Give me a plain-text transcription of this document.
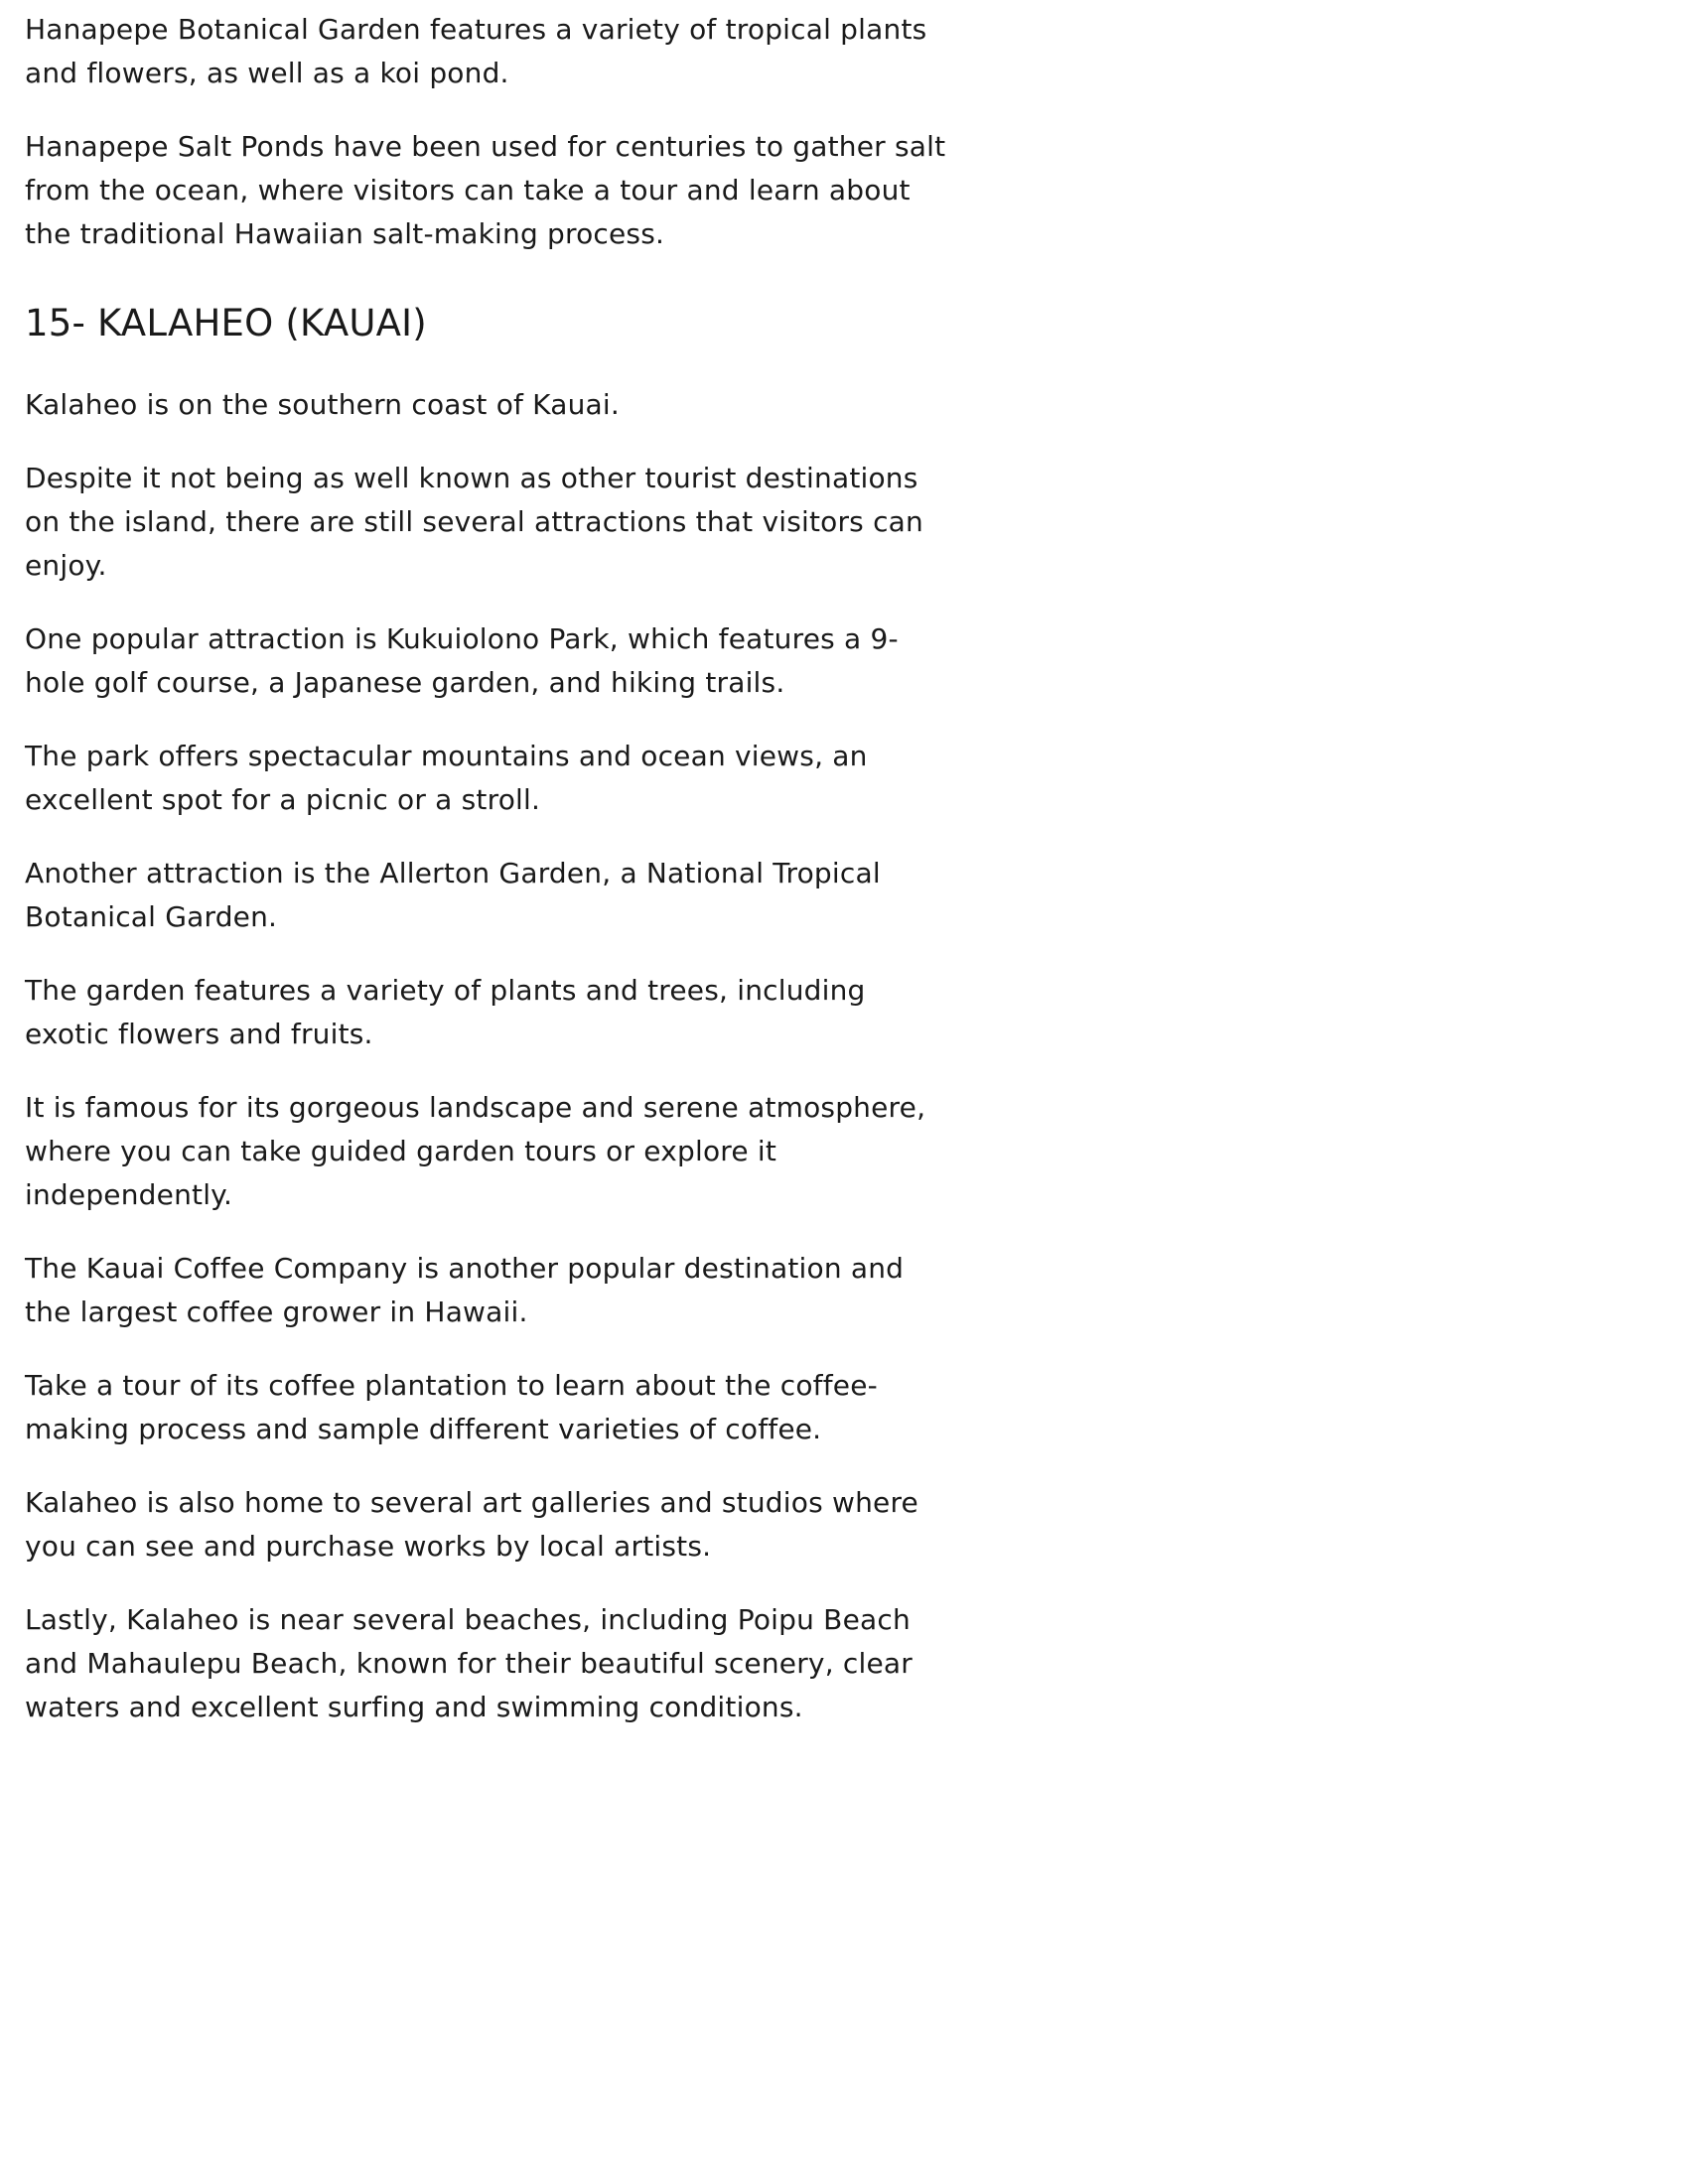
Hanapepe Botanical Garden features a variety of tropical plants and flowers, as well as a koi pond.

Hanapepe Salt Ponds have been used for centuries to gather salt from the ocean, where visitors can take a tour and learn about the traditional Hawaiian salt-making process.

15- KALAHEO (KAUAI)

Kalaheo is on the southern coast of Kauai.

Despite it not being as well known as other tourist destinations on the island, there are still several attractions that visitors can enjoy.

One popular attraction is Kukuiolono Park, which features a 9-hole golf course, a Japanese garden, and hiking trails.

The park offers spectacular mountains and ocean views, an excellent spot for a picnic or a stroll.

Another attraction is the Allerton Garden, a National Tropical Botanical Garden.

The garden features a variety of plants and trees, including exotic flowers and fruits.

It is famous for its gorgeous landscape and serene atmosphere, where you can take guided garden tours or explore it independently.

The Kauai Coffee Company is another popular destination and the largest coffee grower in Hawaii.

Take a tour of its coffee plantation to learn about the coffee-making process and sample different varieties of coffee.

Kalaheo is also home to several art galleries and studios where you can see and purchase works by local artists.

Lastly, Kalaheo is near several beaches, including Poipu Beach and Mahaulepu Beach, known for their beautiful scenery, clear waters and excellent surfing and swimming conditions.
